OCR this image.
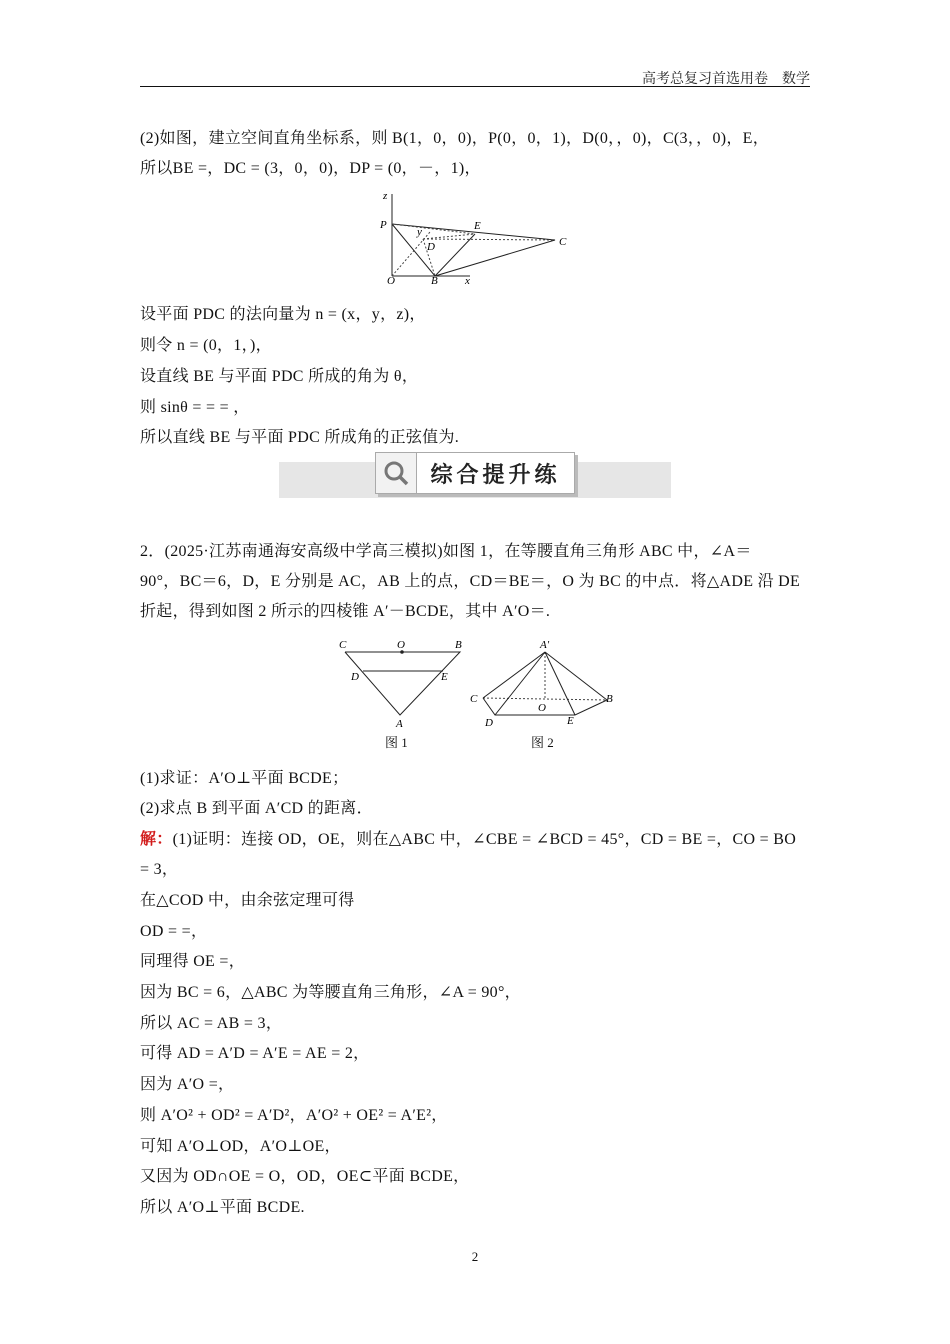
高考总复习首选用卷　数学
(2)如图，建立空间直角坐标系，则 B(1，0，0)，P(0，0，1)，D(0，，0)，C(3，，0)，E，
所以BE =，DC = (3，0，0)，DP = (0，－，1)，
z
P
y	E
D	C
O	B x
设平面 PDC 的法向量为 n = (x，y，z)，
则令 n = (0，1，)，
设直线 BE 与平面 PDC 所成的角为 θ，
则 sinθ = = = ，
所以直线 BE 与平面 PDC 所成角的正弦值为.
综合提升练
2．(2025·江苏南通海安高级中学高三模拟)如图 1，在等腰直角三角形 ABC 中，∠A＝
90°，BC＝6，D，E 分别是 AC，AB 上的点，CD＝BE＝，O 为 BC 的中点．将△ADE 沿 DE
折起，得到如图 2 所示的四棱锥 A′－BCDE，其中 A′O＝.
C	O	B
D	E
A
A′
C
O
B
D	E
图 1	图 2
(1)求证：A′O⊥平面 BCDE；
(2)求点 B 到平面 A′CD 的距离．
解：(1)证明：连接 OD，OE，则在△ABC 中，∠CBE = ∠BCD = 45°，CD = BE =，CO = BO
= 3，
在△COD 中，由余弦定理可得
OD = =，
同理得 OE =，
因为 BC = 6，△ABC 为等腰直角三角形，∠A = 90°，
所以 AC = AB = 3，
可得 AD = A′D = A′E = AE = 2，
因为 A′O =，
则 A′O² + OD² = A′D²，A′O² + OE² = A′E²，
可知 A′O⊥OD，A′O⊥OE，
又因为 OD∩OE = O，OD，OE⊂平面 BCDE，
所以 A′O⊥平面 BCDE.
2
